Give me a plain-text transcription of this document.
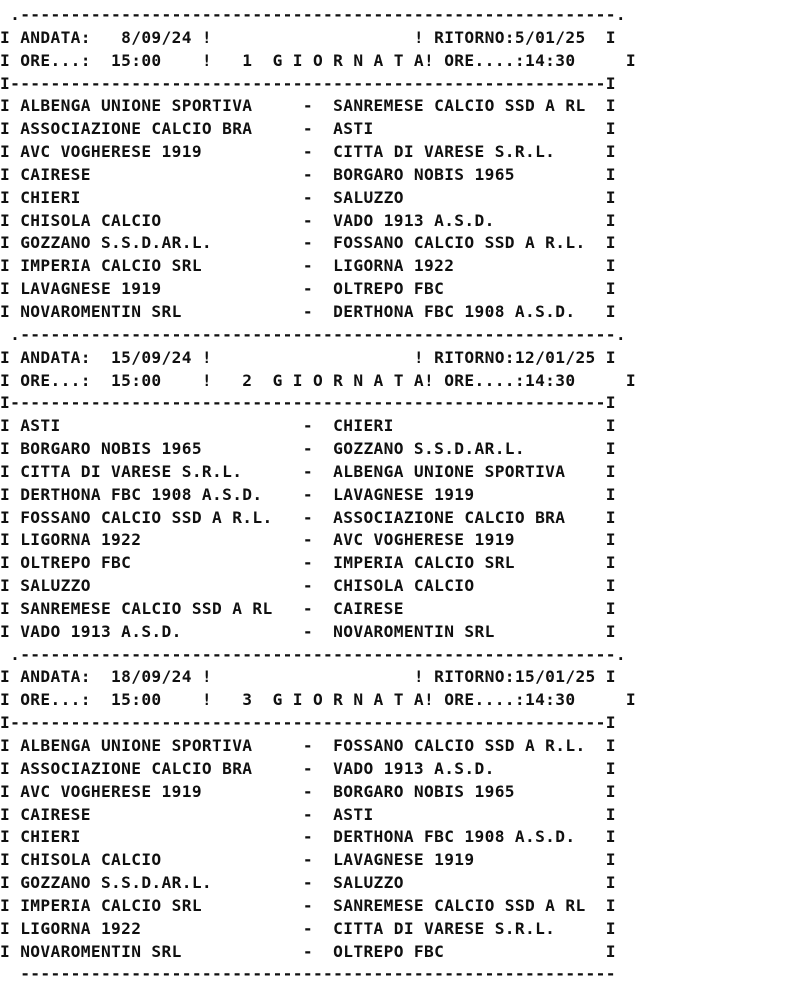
.-----------------------------------------------------------.
I ANDATA:   8/09/24 !                    ! RITORNO:5/01/25  I
I ORE...:  15:00    !   1  G I O R N A T A! ORE....:14:30     I
I-----------------------------------------------------------I
I ALBENGA UNIONE SPORTIVA     -  SANREMESE CALCIO SSD A RL  I
I ASSOCIAZIONE CALCIO BRA     -  ASTI                       I
I AVC VOGHERESE 1919          -  CITTA DI VARESE S.R.L.     I
I CAIRESE                     -  BORGARO NOBIS 1965         I
I CHIERI                      -  SALUZZO                    I
I CHISOLA CALCIO              -  VADO 1913 A.S.D.           I
I GOZZANO S.S.D.AR.L.         -  FOSSANO CALCIO SSD A R.L.  I
I IMPERIA CALCIO SRL          -  LIGORNA 1922               I
I LAVAGNESE 1919              -  OLTREPO FBC                I
I NOVAROMENTIN SRL            -  DERTHONA FBC 1908 A.S.D.   I
.-----------------------------------------------------------.
I ANDATA:  15/09/24 !                    ! RITORNO:12/01/25 I
I ORE...:  15:00    !   2  G I O R N A T A! ORE....:14:30     I
I-----------------------------------------------------------I
I ASTI                        -  CHIERI                     I
I BORGARO NOBIS 1965          -  GOZZANO S.S.D.AR.L.        I
I CITTA DI VARESE S.R.L.      -  ALBENGA UNIONE SPORTIVA    I
I DERTHONA FBC 1908 A.S.D.    -  LAVAGNESE 1919             I
I FOSSANO CALCIO SSD A R.L.   -  ASSOCIAZIONE CALCIO BRA    I
I LIGORNA 1922                -  AVC VOGHERESE 1919         I
I OLTREPO FBC                 -  IMPERIA CALCIO SRL         I
I SALUZZO                     -  CHISOLA CALCIO             I
I SANREMESE CALCIO SSD A RL   -  CAIRESE                    I
I VADO 1913 A.S.D.            -  NOVAROMENTIN SRL           I
.-----------------------------------------------------------.
I ANDATA:  18/09/24 !                    ! RITORNO:15/01/25 I
I ORE...:  15:00    !   3  G I O R N A T A! ORE....:14:30     I
I-----------------------------------------------------------I
I ALBENGA UNIONE SPORTIVA     -  FOSSANO CALCIO SSD A R.L.  I
I ASSOCIAZIONE CALCIO BRA     -  VADO 1913 A.S.D.           I
I AVC VOGHERESE 1919          -  BORGARO NOBIS 1965         I
I CAIRESE                     -  ASTI                       I
I CHIERI                      -  DERTHONA FBC 1908 A.S.D.   I
I CHISOLA CALCIO              -  LAVAGNESE 1919             I
I GOZZANO S.S.D.AR.L.         -  SALUZZO                    I
I IMPERIA CALCIO SRL          -  SANREMESE CALCIO SSD A RL  I
I LIGORNA 1922                -  CITTA DI VARESE S.R.L.     I
I NOVAROMENTIN SRL            -  OLTREPO FBC                I
-----------------------------------------------------------
